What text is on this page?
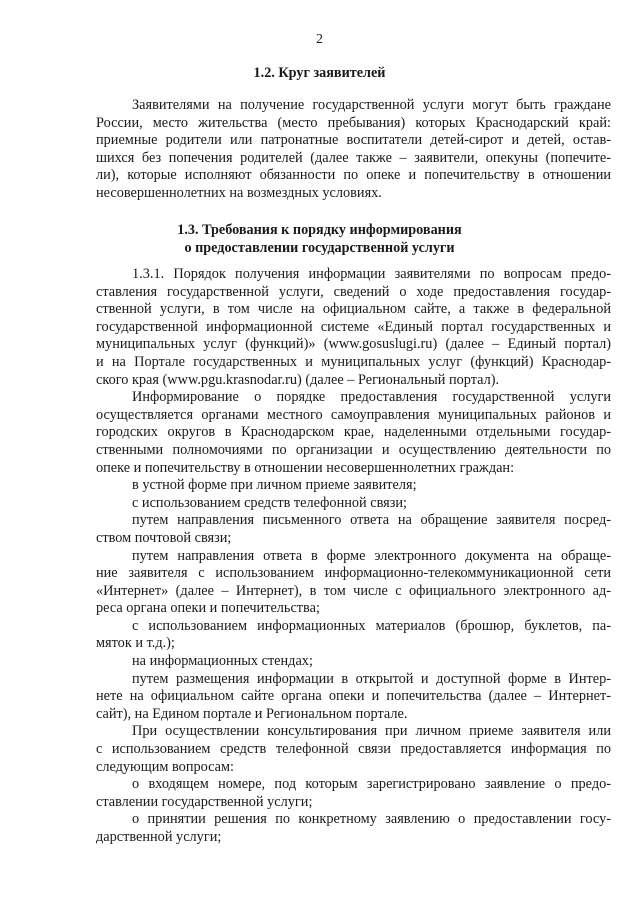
2
1.2. Круг заявителей
Заявителями на получение государственной услуги могут быть граждане
России, место жительства (место пребывания) которых Краснодарский край:
приемные родители или патронатные воспитатели детей-сирот и детей, остав-
шихся без попечения родителей (далее также – заявители, опекуны (попечите-
ли), которые исполняют обязанности по опеке и попечительству в отношении
несовершеннолетних на возмездных условиях.
1.3. Требования к порядку информирования
о предоставлении государственной услуги
1.3.1. Порядок получения информации заявителями по вопросам предо-
ставления государственной услуги, сведений о ходе предоставления государ-
ственной услуги, в том числе на официальном сайте, а также в федеральной
государственной информационной системе «Единый портал государственных и
муниципальных услуг (функций)» (www.gosuslugi.ru) (далее – Единый портал)
и на Портале государственных и муниципальных услуг (функций) Краснодар-
ского края (www.pgu.krasnodar.ru) (далее – Региональный портал).
Информирование о порядке предоставления государственной услуги
осуществляется органами местного самоуправления муниципальных районов и
городских округов в Краснодарском крае, наделенными отдельными государ-
ственными полномочиями по организации и осуществлению деятельности по
опеке и попечительству в отношении несовершеннолетних граждан:
в устной форме при личном приеме заявителя;
с использованием средств телефонной связи;
путем направления письменного ответа на обращение заявителя посред-
ством почтовой связи;
путем направления ответа в форме электронного документа на обраще-
ние заявителя с использованием информационно-телекоммуникационной сети
«Интернет» (далее – Интернет), в том числе с официального электронного ад-
реса органа опеки и попечительства;
с использованием информационных материалов (брошюр, буклетов, па-
мяток и т.д.);
на информационных стендах;
путем размещения информации в открытой и доступной форме в Интер-
нете на официальном сайте органа опеки и попечительства (далее – Интернет-
сайт), на Едином портале и Региональном портале.
При осуществлении консультирования при личном приеме заявителя или
с использованием средств телефонной связи предоставляется информация по
следующим вопросам:
о входящем номере, под которым зарегистрировано заявление о предо-
ставлении государственной услуги;
о принятии решения по конкретному заявлению о предоставлении госу-
дарственной услуги;
